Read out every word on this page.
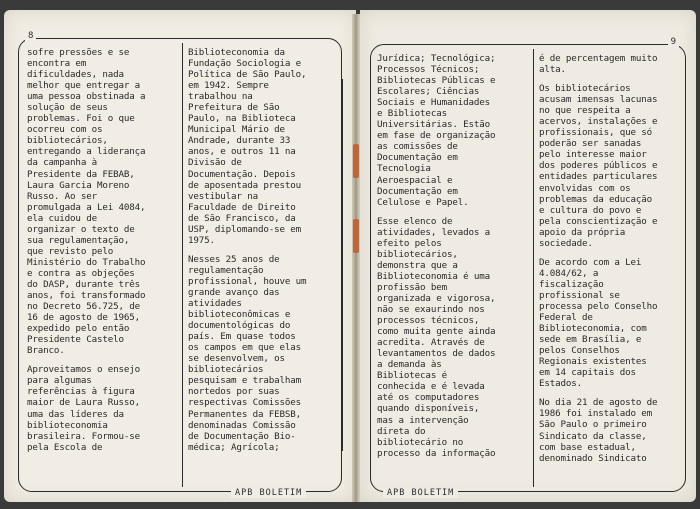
8
sofre pressões e se
encontra em
dificuldades, nada
melhor que entregar a
uma pessoa obstinada a
solução de seus
problemas. Foi o que
ocorreu com os
bibliotecários,
entregando a liderança
da campanha à
Presidente da FEBAB,
Laura Garcia Moreno
Russo. Ao ser
promulgada a Lei 4084,
ela cuidou de
organizar o texto de
sua regulamentação,
que revisto pelo
Ministério do Trabalho
e contra as objeções
do DASP, durante três
anos, foi transformado
no Decreto 56.725, de
16 de agosto de 1965,
expedido pelo então
Presidente Castelo
Branco.
Aproveitamos o ensejo
para algumas
referências à figura
maior de Laura Russo,
uma das líderes da
biblioteconomia
brasileira. Formou-se
pela Escola de
Biblioteconomia da
Fundação Sociologia e
Política de São Paulo,
em 1942. Sempre
trabalhou na
Prefeitura de São
Paulo, na Biblioteca
Municipal Mário de
Andrade, durante 33
anos, e outros 11 na
Divisão de
Documentação. Depois
de aposentada prestou
vestibular na
Faculdade de Direito
de São Francisco, da
USP, diplomando-se em
1975.
Nesses 25 anos de
regulamentação
profissional, houve um
grande avanço das
atividades
biblioteconômicas e
documentológicas do
país. Em quase todos
os campos em que elas
se desenvolvem, os
bibliotecários
pesquisam e trabalham
nortedos por suas
respectivas Comissões
Permanentes da FEBSB,
denominadas Comissão
de Documentação Bio-
médica; Agrícola;
APB BOLETIM
9
Jurídica; Tecnológica;
Processos Técnicos;
Bibliotecas Públicas e
Escolares; Ciências
Sociais e Humanidades
e Bibliotecas
Universitárias. Estão
em fase de organização
as comissões de
Documentação em
Tecnologia
Aeroespacial e
Documentação em
Celulose e Papel.
Esse elenco de
atividades, levados a
efeito pelos
bibliotecários,
demonstra que a
Biblioteconomia é uma
profissão bem
organizada e vigorosa,
não se exaurindo nos
processos técnicos,
como muita gente ainda
acredita. Através de
levantamentos de dados
a demanda às
Bibliotecas é
conhecida e é levada
até os computadores
quando disponíveis,
mas a intervenção
direta do
bibliotecário no
processo da informação
é de percentagem muito
alta.
Os bibliotecários
acusam imensas lacunas
no que respeita a
acervos, instalações e
profissionais, que só
poderão ser sanadas
pelo interesse maior
dos poderes públicos e
entidades particulares
envolvidas com os
problemas da educação
e cultura do povo e
pela conscientização e
apoio da própria
sociedade.
De acordo com a Lei
4.084/62, a
fiscalização
profissional se
processa pelo Conselho
Federal de
Biblioteconomia, com
sede em Brasília, e
pelos Conselhos
Regionais existentes
em 14 capitais dos
Estados.
No dia 21 de agosto de
1986 foi instalado em
São Paulo o primeiro
Sindicato da classe,
com base estadual,
denominado Sindicato
APB BOLETIM
